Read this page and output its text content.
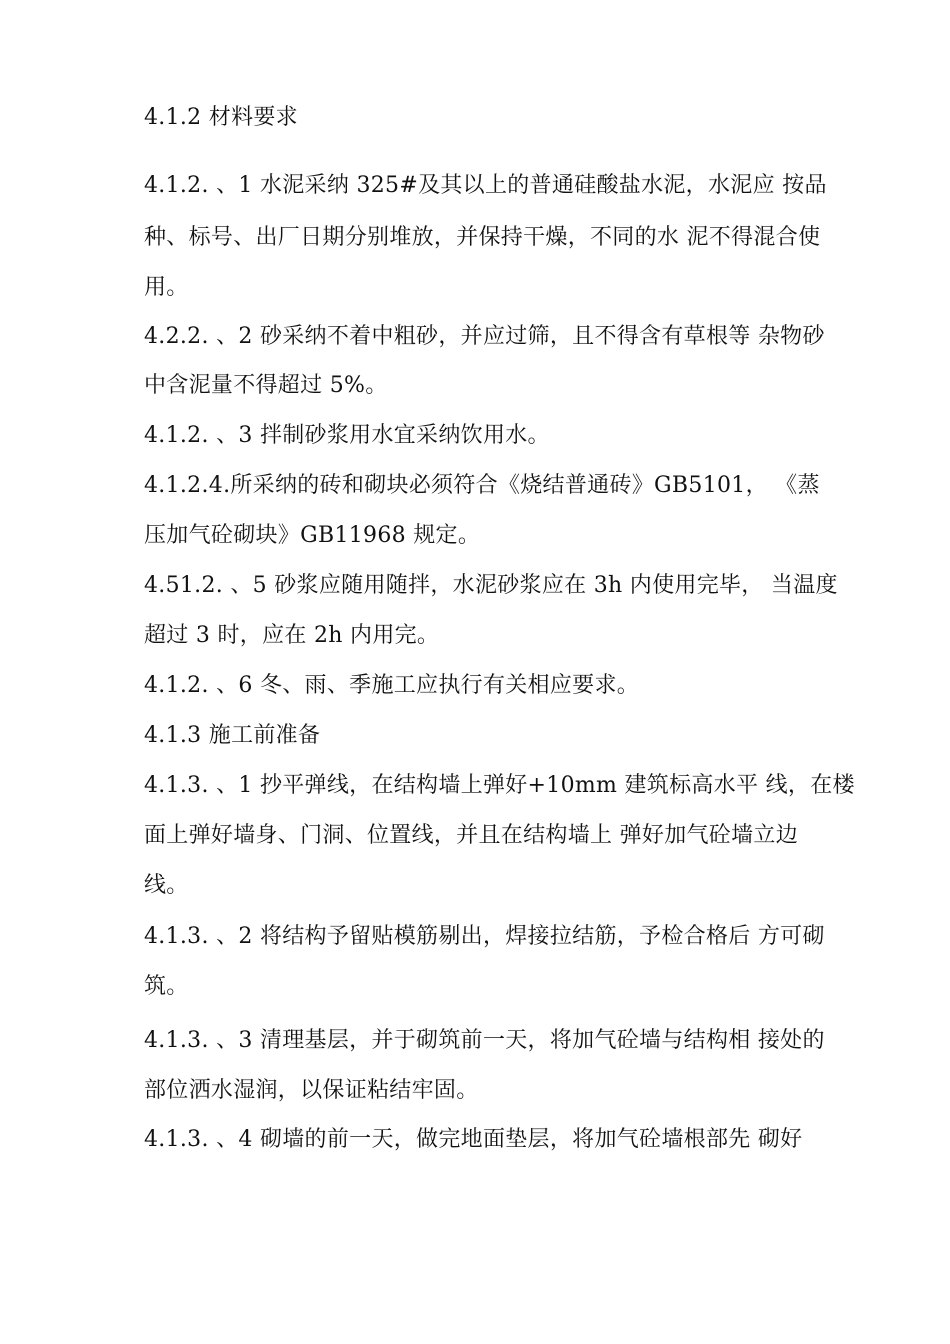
4.1.2 材料要求
4.1.2. 、1 水泥采纳 325#及其以上的普通硅酸盐水泥，水泥应 按品
种、标号、出厂日期分别堆放，并保持干燥，不同的水 泥不得混合使
用。
4.2.2. 、2 砂采纳不着中粗砂，并应过筛，且不得含有草根等 杂物砂
中含泥量不得超过 5%。
4.1.2. 、3 拌制砂浆用水宜采纳饮用水。
4.1.2.4.所采纳的砖和砌块必须符合《烧结普通砖》GB5101， 《蒸
压加气砼砌块》GB11968 规定。
4.51.2. 、5 砂浆应随用随拌，水泥砂浆应在 3h 内使用完毕， 当温度
超过 3 时，应在 2h 内用完。
4.1.2. 、6 冬、雨、季施工应执行有关相应要求。
4.1.3 施工前准备
4.1.3. 、1 抄平弹线，在结构墙上弹好+10mm 建筑标高水平 线，在楼
面上弹好墙身、门洞、位置线，并且在结构墙上 弹好加气砼墙立边
线。
4.1.3. 、2 将结构予留贴模筋剔出，焊接拉结筋，予检合格后 方可砌
筑。
4.1.3. 、3 清理基层，并于砌筑前一天，将加气砼墙与结构相 接处的
部位洒水湿润，以保证粘结牢固。
4.1.3. 、4 砌墙的前一天，做完地面垫层，将加气砼墙根部先 砌好
